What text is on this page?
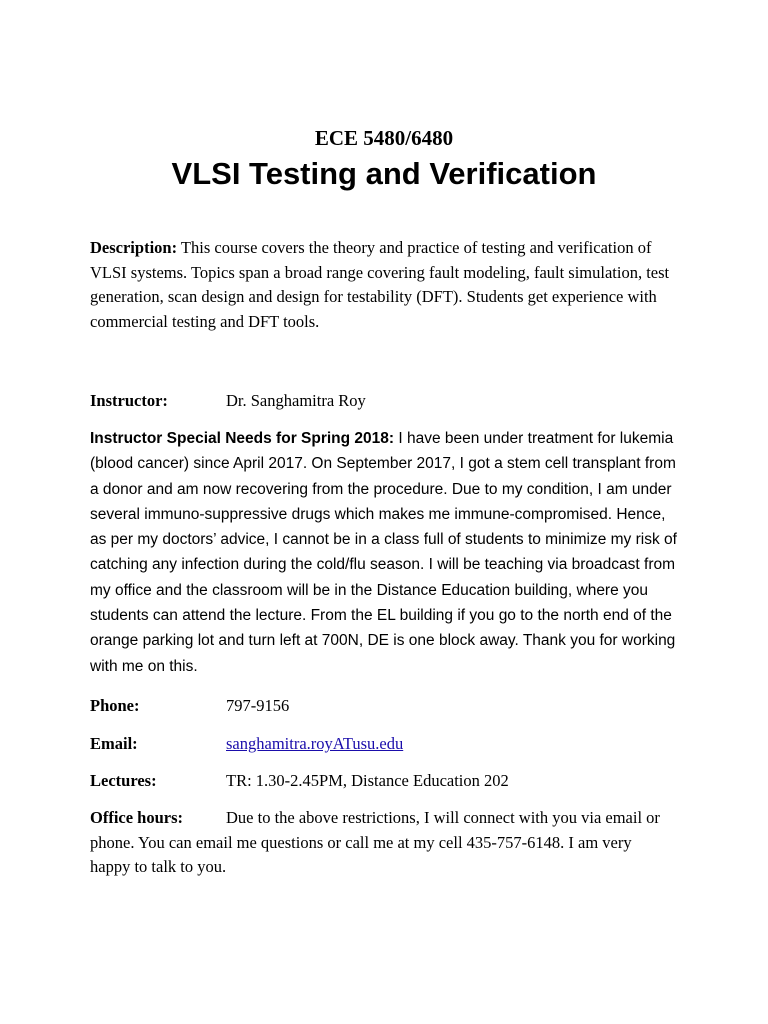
ECE 5480/6480
VLSI Testing and Verification
Description: This course covers the theory and practice of testing and verification of VLSI systems. Topics span a broad range covering fault modeling, fault simulation, test generation, scan design and design for testability (DFT). Students get experience with commercial testing and DFT tools.
Instructor:	Dr. Sanghamitra Roy
Instructor Special Needs for Spring 2018: I have been under treatment for lukemia (blood cancer) since April 2017. On September 2017, I got a stem cell transplant from a donor and am now recovering from the procedure. Due to my condition, I am under several immuno-suppressive drugs which makes me immune-compromised. Hence, as per my doctors’ advice, I cannot be in a class full of students to minimize my risk of catching any infection during the cold/flu season. I will be teaching via broadcast from my office and the classroom will be in the Distance Education building, where you students can attend the lecture. From the EL building if you go to the north end of the orange parking lot and turn left at 700N, DE is one block away. Thank you for working with me on this.
Phone:	797-9156
Email:	sanghamitra.royATusu.edu
Lectures:	TR: 1.30-2.45PM, Distance Education 202
Office hours:	Due to the above restrictions, I will connect with you via email or phone. You can email me questions or call me at my cell 435-757-6148. I am very happy to talk to you.
